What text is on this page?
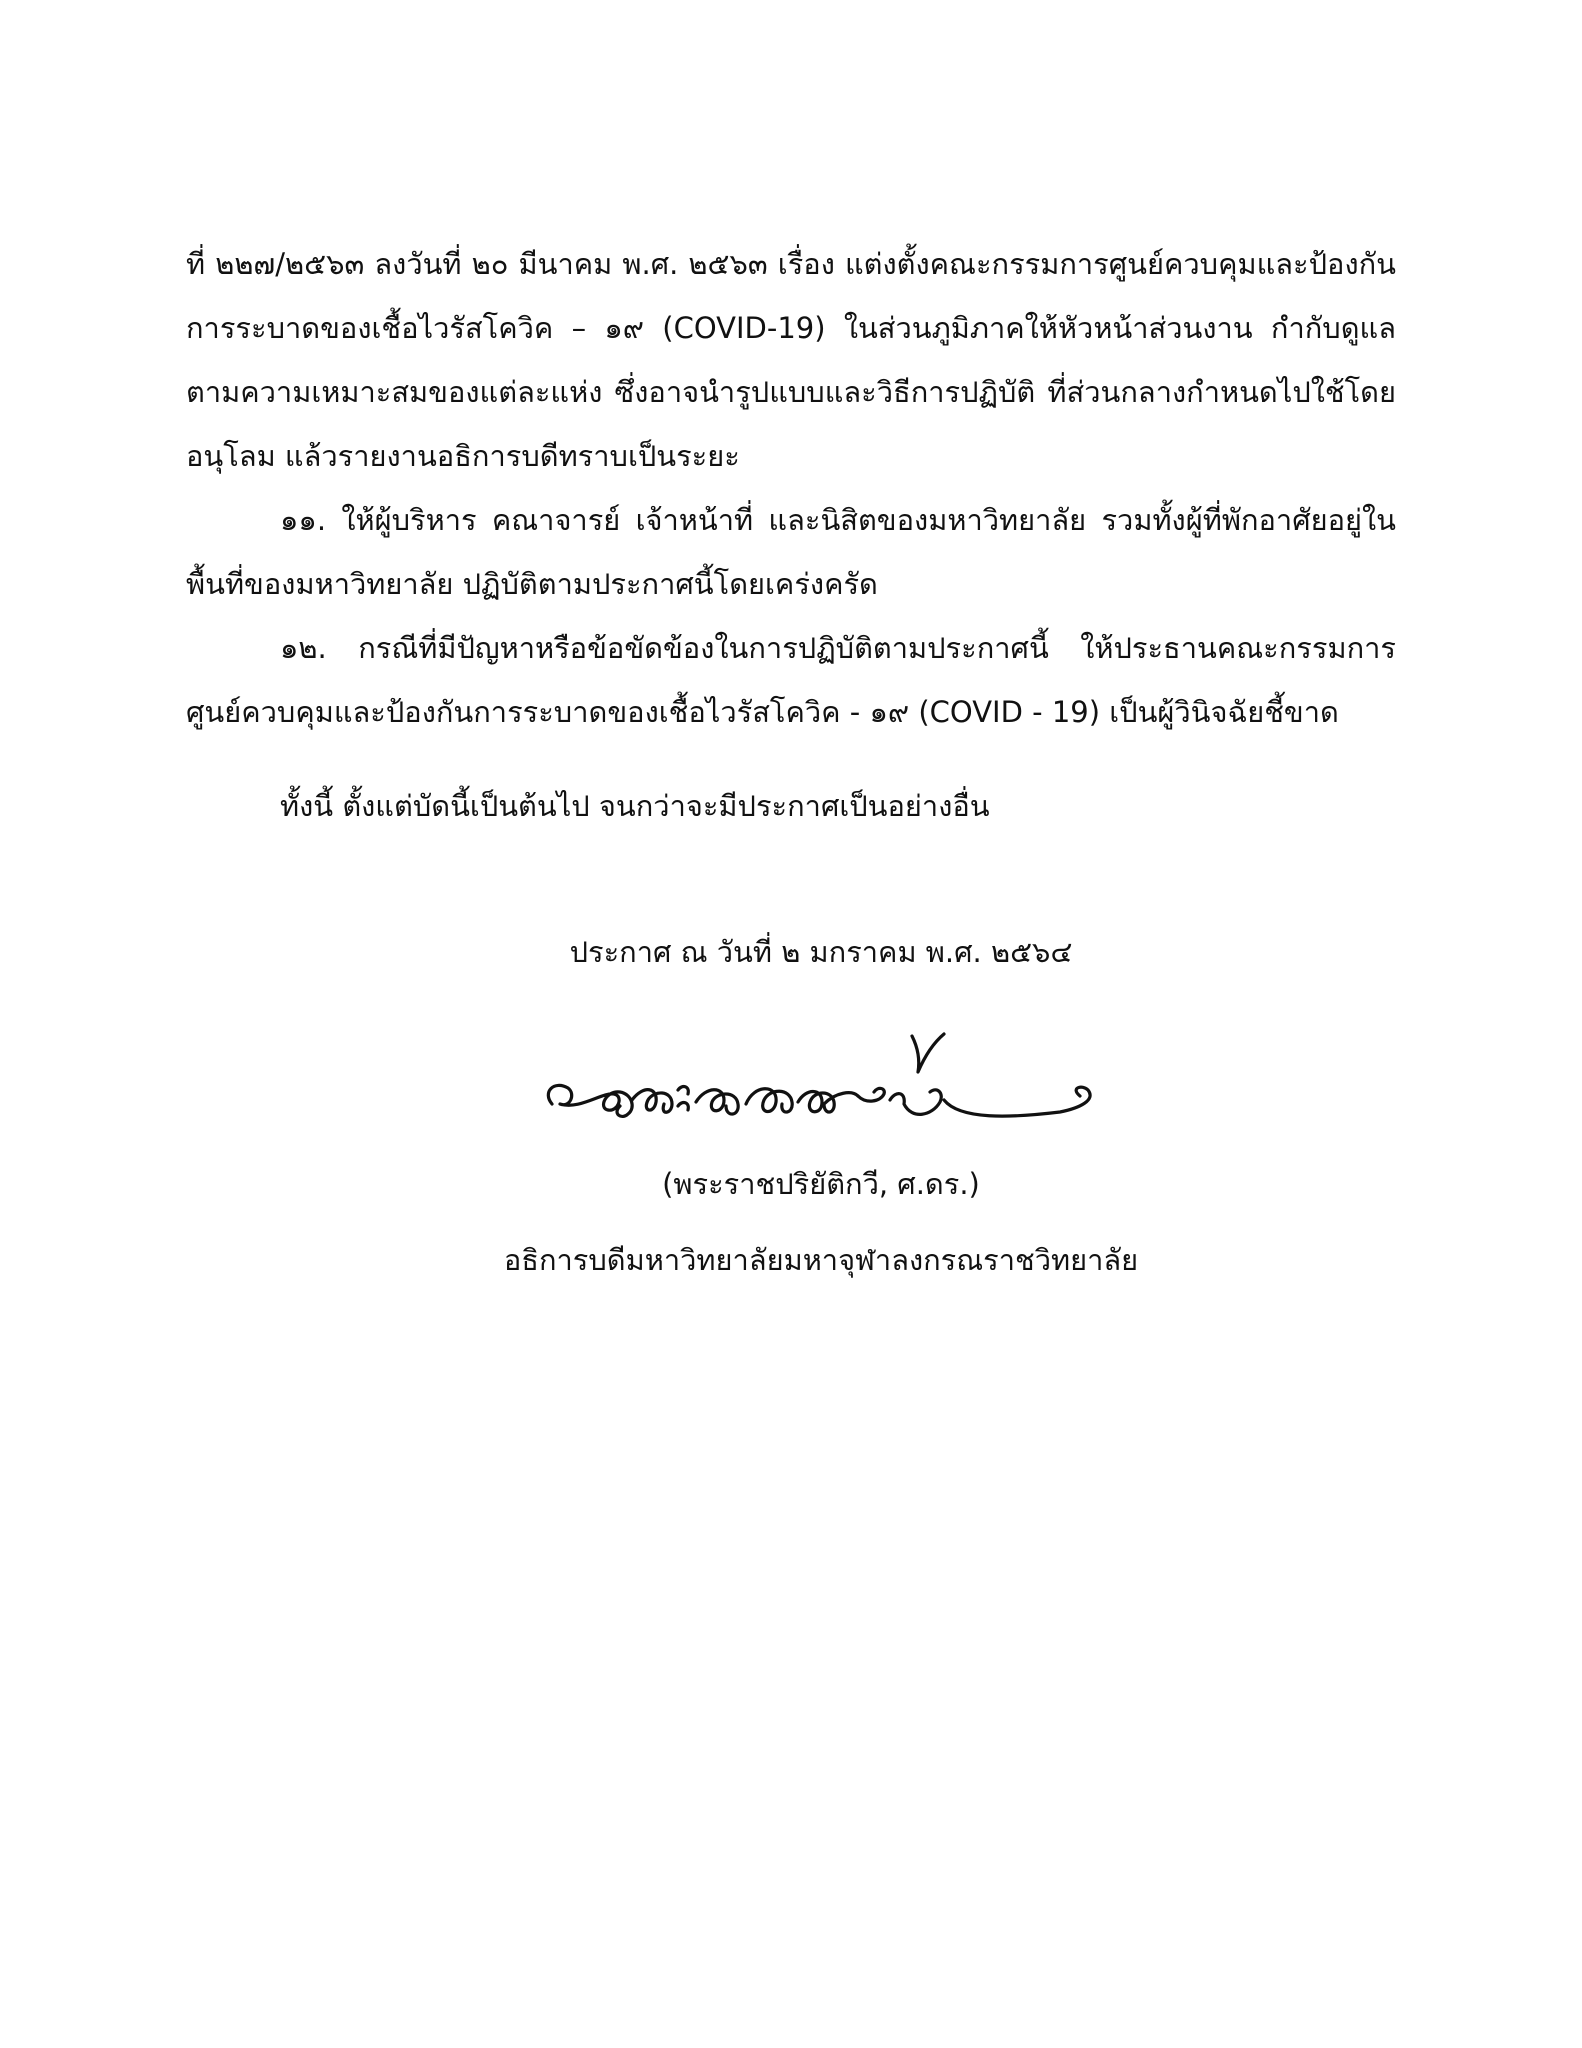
ที่ ๒๒๗/๒๕๖๓ ลงวันที่ ๒๐ มีนาคม พ.ศ. ๒๕๖๓ เรื่อง แต่งตั้งคณะกรรมการศูนย์ควบคุมและป้องกันการระบาดของเชื้อไวรัสโควิค – ๑๙ (COVID-19) ในส่วนภูมิภาคให้หัวหน้าส่วนงาน กำกับดูแล ตามความเหมาะสมของแต่ละแห่ง ซึ่งอาจนำรูปแบบและวิธีการปฏิบัติ ที่ส่วนกลางกำหนดไปใช้โดยอนุโลม แล้วรายงานอธิการบดีทราบเป็นระยะ

๑๑. ให้ผู้บริหาร คณาจารย์ เจ้าหน้าที่ และนิสิตของมหาวิทยาลัย รวมทั้งผู้ที่พักอาศัยอยู่ในพื้นที่ของมหาวิทยาลัย ปฏิบัติตามประกาศนี้โดยเคร่งครัด

๑๒. กรณีที่มีปัญหาหรือข้อขัดข้องในการปฏิบัติตามประกาศนี้ ให้ประธานคณะกรรมการศูนย์ควบคุมและป้องกันการระบาดของเชื้อไวรัสโควิค - ๑๙ (COVID - 19) เป็นผู้วินิจฉัยชี้ขาด

ทั้งนี้ ตั้งแต่บัดนี้เป็นต้นไป จนกว่าจะมีประกาศเป็นอย่างอื่น

ประกาศ ณ วันที่ ๒ มกราคม พ.ศ. ๒๕๖๔

(พระราชปริยัติกวี, ศ.ดร.)

อธิการบดีมหาวิทยาลัยมหาจุฬาลงกรณราชวิทยาลัย
